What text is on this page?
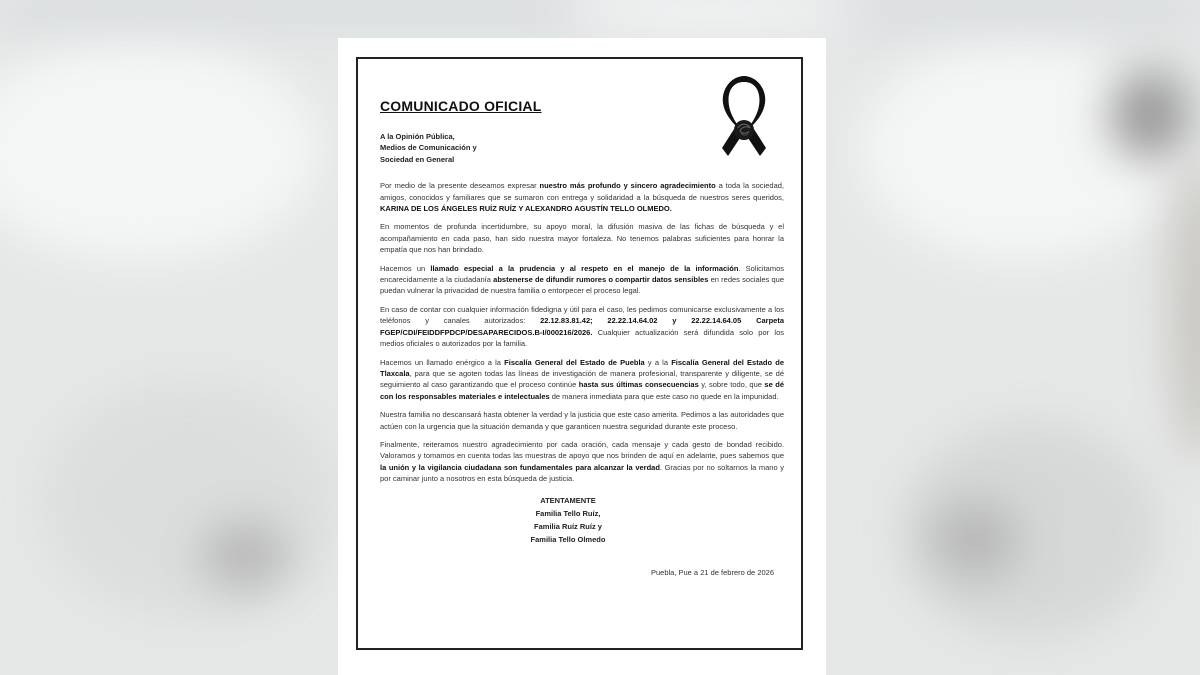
COMUNICADO OFICIAL
A la Opinión Pública,
Medios de Comunicación y
Sociedad en General

Por medio de la presente deseamos expresar nuestro más profundo y sincero agradecimiento a toda la sociedad, amigos, conocidos y familiares que se sumaron con entrega y solidaridad a la búsqueda de nuestros seres queridos, KARINA DE LOS ÁNGELES RUÍZ RUÍZ Y ALEXANDRO AGUSTÍN TELLO OLMEDO.

En momentos de profunda incertidumbre, su apoyo moral, la difusión masiva de las fichas de búsqueda y el acompañamiento en cada paso, han sido nuestra mayor fortaleza. No tenemos palabras suficientes para honrar la empatía que nos han brindado.

Hacemos un llamado especial a la prudencia y al respeto en el manejo de la información. Solicitamos encarecidamente a la ciudadanía abstenerse de difundir rumores o compartir datos sensibles en redes sociales que puedan vulnerar la privacidad de nuestra familia o entorpecer el proceso legal.

En caso de contar con cualquier información fidedigna y útil para el caso, les pedimos comunicarse exclusivamente a los teléfonos y canales autorizados: 22.12.83.81.42; 22.22.14.64.02 y 22.22.14.64.05 Carpeta FGEP/CDI/FEIDDFPDCP/DESAPARECIDOS.B-I/000216/2026. Cualquier actualización será difundida solo por los medios oficiales o autorizados por la familia.

Hacemos un llamado enérgico a la Fiscalía General del Estado de Puebla y a la Fiscalía General del Estado de Tlaxcala, para que se agoten todas las líneas de investigación de manera profesional, transparente y diligente, se dé seguimiento al caso garantizando que el proceso continúe hasta sus últimas consecuencias y, sobre todo, que se dé con los responsables materiales e intelectuales de manera inmediata para que este caso no quede en la impunidad.

Nuestra familia no descansará hasta obtener la verdad y la justicia que este caso amerita. Pedimos a las autoridades que actúen con la urgencia que la situación demanda y que garanticen nuestra seguridad durante este proceso.

Finalmente, reiteramos nuestro agradecimiento por cada oración, cada mensaje y cada gesto de bondad recibido. Valoramos y tomamos en cuenta todas las muestras de apoyo que nos brinden de aquí en adelante, pues sabemos que la unión y la vigilancia ciudadana son fundamentales para alcanzar la verdad. Gracias por no soltarnos la mano y por caminar junto a nosotros en esta búsqueda de justicia.

ATENTAMENTE
Familia Tello Ruíz,
Familia Ruíz Ruíz y
Familia Tello Olmedo
Puebla, Pue a 21 de febrero de 2026
